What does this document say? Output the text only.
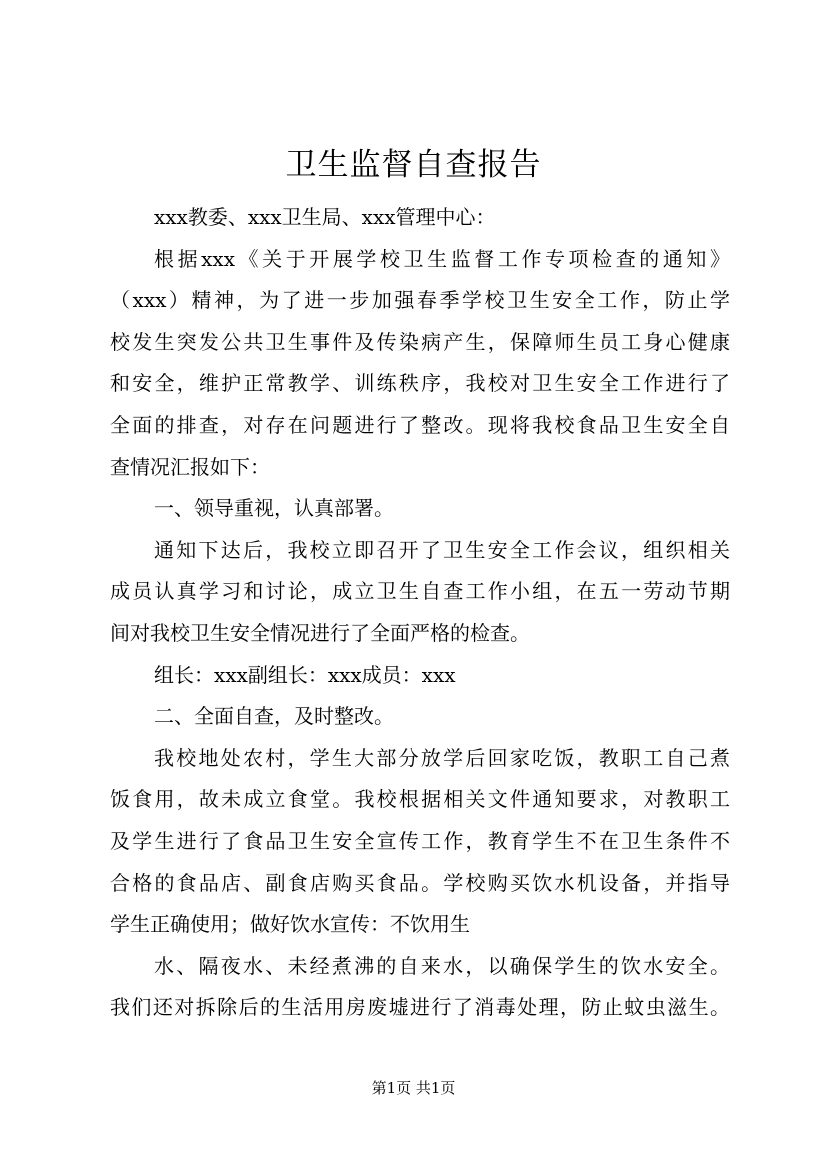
卫生监督自查报告
xxx教委、xxx卫生局、xxx管理中心：
根据xxx《关于开展学校卫生监督工作专项检查的通知》
（xxx）精神，为了进一步加强春季学校卫生安全工作，防止学
校发生突发公共卫生事件及传染病产生，保障师生员工身心健康
和安全，维护正常教学、训练秩序，我校对卫生安全工作进行了
全面的排查，对存在问题进行了整改。现将我校食品卫生安全自
查情况汇报如下：
一、领导重视，认真部署。
通知下达后，我校立即召开了卫生安全工作会议，组织相关
成员认真学习和讨论，成立卫生自查工作小组，在五一劳动节期
间对我校卫生安全情况进行了全面严格的检查。
组长：xxx副组长：xxx成员：xxx
二、全面自查，及时整改。
我校地处农村，学生大部分放学后回家吃饭，教职工自己煮
饭食用，故未成立食堂。我校根据相关文件通知要求，对教职工
及学生进行了食品卫生安全宣传工作，教育学生不在卫生条件不
合格的食品店、副食店购买食品。学校购买饮水机设备，并指导
学生正确使用；做好饮水宣传：不饮用生
水、隔夜水、未经煮沸的自来水，以确保学生的饮水安全。
我们还对拆除后的生活用房废墟进行了消毒处理，防止蚊虫滋生。
第1页 共1页
